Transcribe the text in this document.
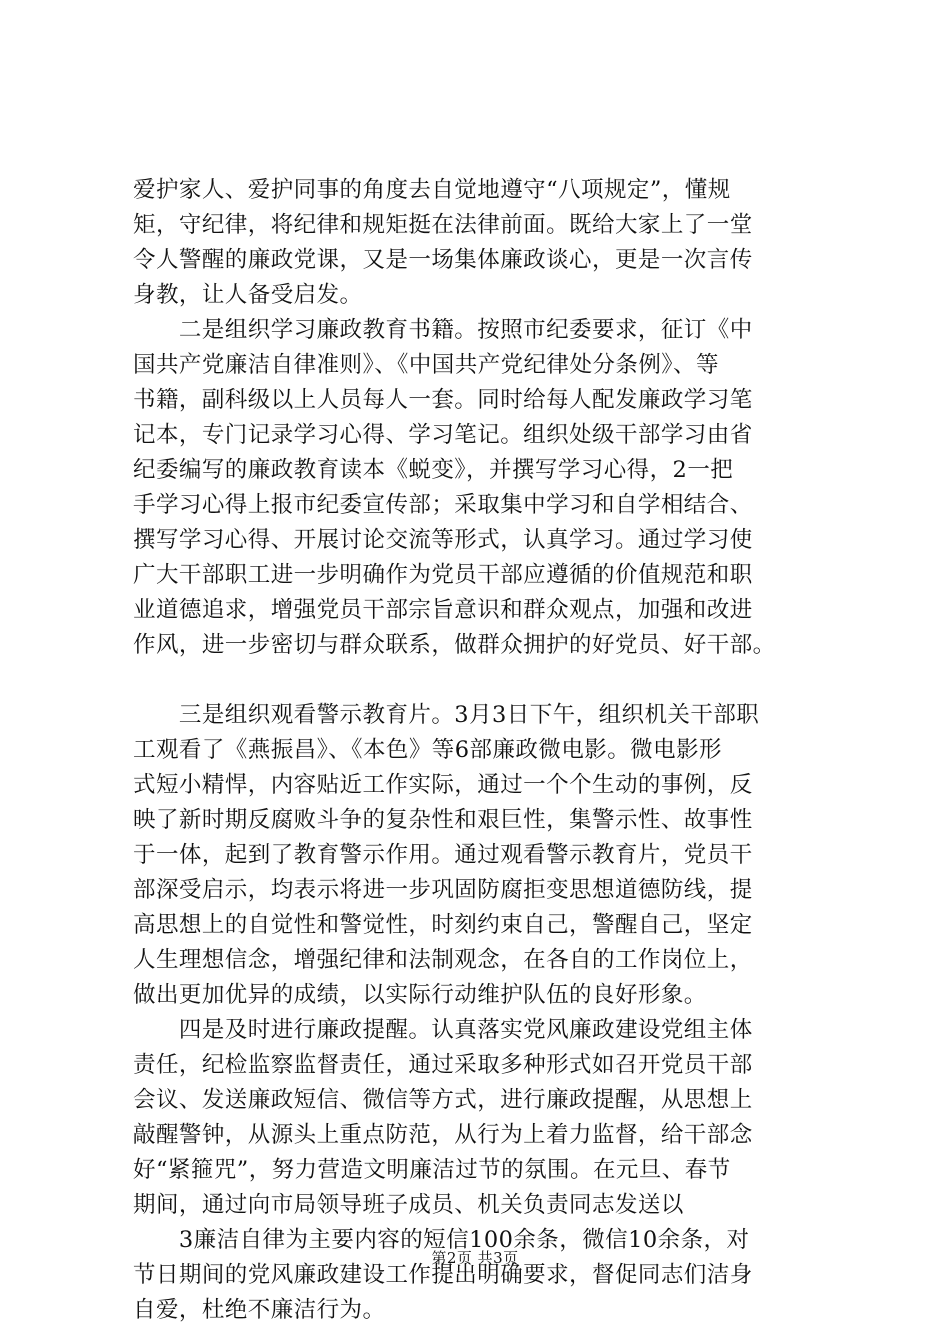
爱护家人、爱护同事的角度去自觉地遵守“八项规定”，懂规
矩，守纪律，将纪律和规矩挺在法律前面。既给大家上了一堂
令人警醒的廉政党课，又是一场集体廉政谈心，更是一次言传
身教，让人备受启发。
　　二是组织学习廉政教育书籍。按照市纪委要求，征订《中
国共产党廉洁自律准则》、《中国共产党纪律处分条例》、等
书籍，副科级以上人员每人一套。同时给每人配发廉政学习笔
记本，专门记录学习心得、学习笔记。组织处级干部学习由省
纪委编写的廉政教育读本《蜕变》，并撰写学习心得，2一把
手学习心得上报市纪委宣传部；采取集中学习和自学相结合、
撰写学习心得、开展讨论交流等形式，认真学习。通过学习使
广大干部职工进一步明确作为党员干部应遵循的价值规范和职
业道德追求，增强党员干部宗旨意识和群众观点，加强和改进
作风，进一步密切与群众联系，做群众拥护的好党员、好干部。
　　三是组织观看警示教育片。3月3日下午，组织机关干部职
工观看了《燕振昌》、《本色》等6部廉政微电影。微电影形
式短小精悍，内容贴近工作实际，通过一个个生动的事例，反
映了新时期反腐败斗争的复杂性和艰巨性，集警示性、故事性
于一体，起到了教育警示作用。通过观看警示教育片，党员干
部深受启示，均表示将进一步巩固防腐拒变思想道德防线，提
高思想上的自觉性和警觉性，时刻约束自己，警醒自己，坚定
人生理想信念，增强纪律和法制观念，在各自的工作岗位上，
做出更加优异的成绩，以实际行动维护队伍的良好形象。
　　四是及时进行廉政提醒。认真落实党风廉政建设党组主体
责任，纪检监察监督责任，通过采取多种形式如召开党员干部
会议、发送廉政短信、微信等方式，进行廉政提醒，从思想上
敲醒警钟，从源头上重点防范，从行为上着力监督，给干部念
好“紧箍咒”，努力营造文明廉洁过节的氛围。在元旦、春节
期间，通过向市局领导班子成员、机关负责同志发送以
　　3廉洁自律为主要内容的短信100余条，微信10余条，对
节日期间的党风廉政建设工作提出明确要求，督促同志们洁身
自爱，杜绝不廉洁行为。
第2页 共3页
